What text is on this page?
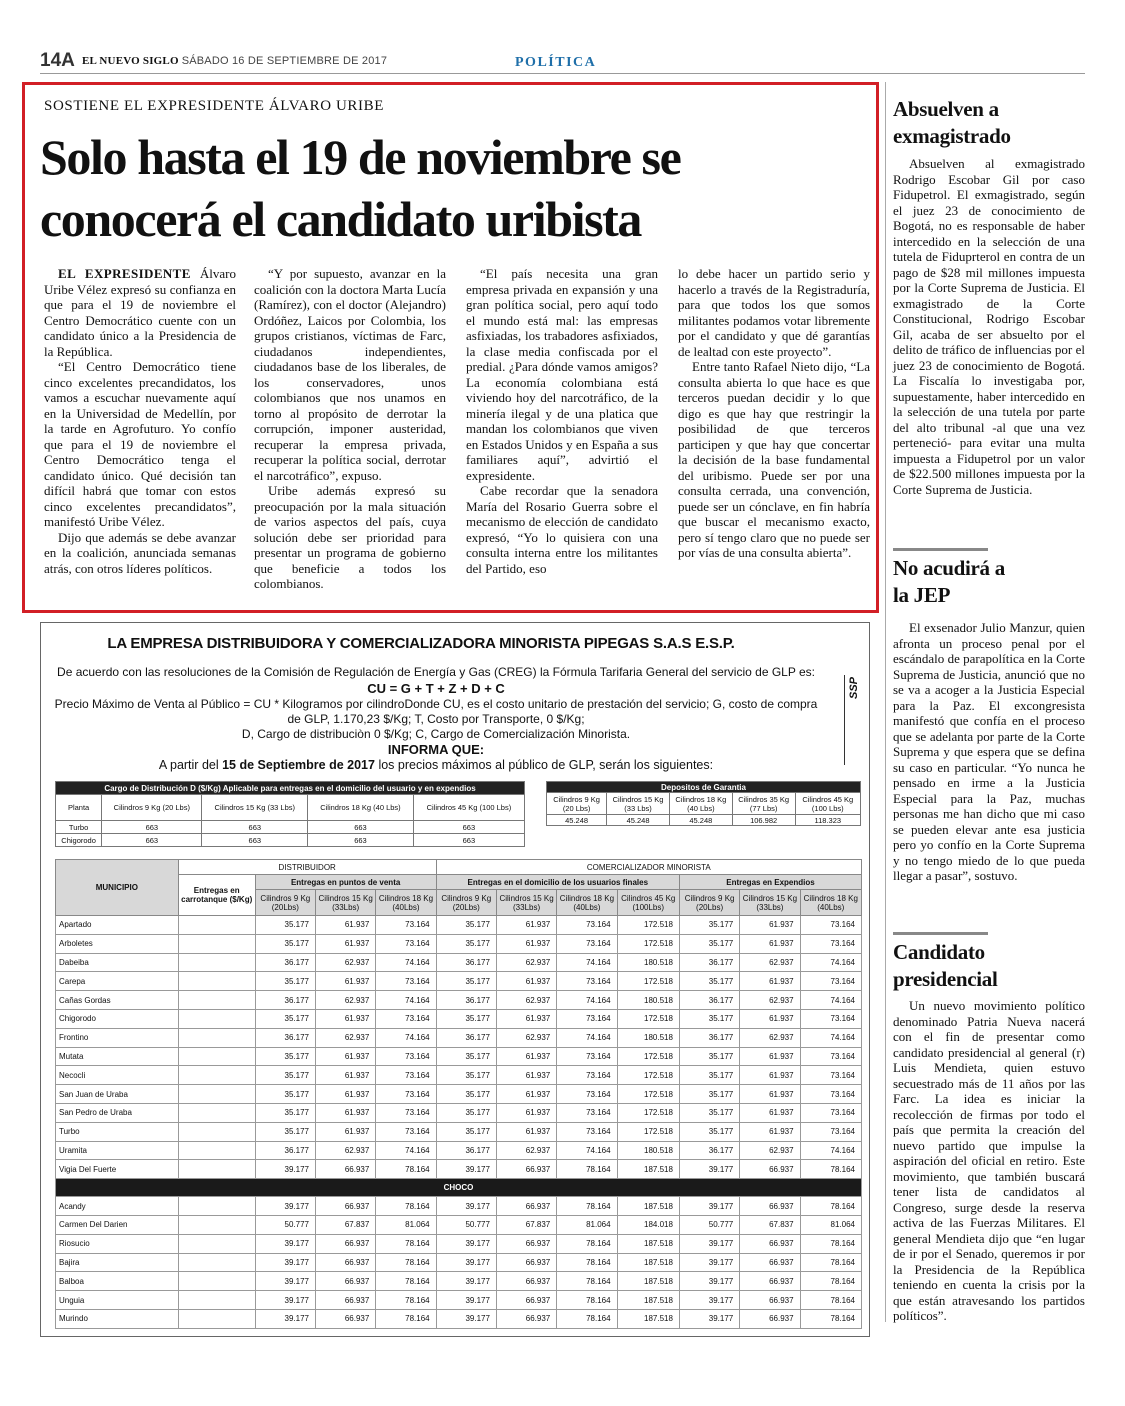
14A EL NUEVO SIGLO SÁBADO 16 DE SEPTIEMBRE DE 2017	POLÍTICA
SOSTIENE EL EXPRESIDENTE ÁLVARO URIBE
Solo hasta el 19 de noviembre se conocerá el candidato uribista

EL EXPRESIDENTE Álvaro Uribe Vélez expresó su confianza en que para el 19 de noviembre el Centro Democrático cuente con un candidato único a la Presidencia de la República.

“El Centro Democrático tiene cinco excelentes precandidatos, los vamos a escuchar nuevamente aquí en la Universidad de Medellín, por la tarde en Agrofuturo. Yo confío que para el 19 de noviembre el Centro Democrático tenga el candidato único. Qué decisión tan difícil habrá que tomar con estos cinco excelentes precandidatos”, manifestó Uribe Vélez.

Dijo que además se debe avanzar en la coalición, anunciada semanas atrás, con otros líderes políticos.

“Y por supuesto, avanzar en la coalición con la doctora Marta Lucía (Ramírez), con el doctor (Alejandro) Ordóñez, Laicos por Colombia, los grupos cristianos, víctimas de Farc, ciudadanos independientes, ciudadanos base de los liberales, de los conservadores, unos colombianos que nos unamos en torno al propósito de derrotar la corrupción, imponer austeridad, recuperar la empresa privada, recuperar la política social, derrotar el narcotráfico”, expuso.

Uribe además expresó su preocupación por la mala situación de varios aspectos del país, cuya solución debe ser prioridad para presentar un programa de gobierno que beneficie a todos los colombianos.

“El país necesita una gran empresa privada en expansión y una gran política social, pero aquí todo el mundo está mal: las empresas asfixiadas, los trabadores asfixiados, la clase media confiscada por el predial. ¿Para dónde vamos amigos? La economía colombiana está viviendo hoy del narcotráfico, de la minería ilegal y de una platica que mandan los colombianos que viven en Estados Unidos y en España a sus familiares aquí”, advirtió el expresidente.

Cabe recordar que la senadora María del Rosario Guerra sobre el mecanismo de elección de candidato expresó, “Yo lo quisiera con una consulta interna entre los militantes del Partido, eso

lo debe hacer un partido serio y hacerlo a través de la Registraduría, para que todos los que somos militantes podamos votar libremente por el candidato y que dé garantías de lealtad con este proyecto”.

Entre tanto Rafael Nieto dijo, “La consulta abierta lo que hace es que terceros puedan decidir y lo que digo es que hay que restringir la posibilidad de que terceros participen y que hay que concertar la decisión de la base fundamental del uribismo. Puede ser por una consulta cerrada, una convención, puede ser un cónclave, en fin habría que buscar el mecanismo exacto, pero sí tengo claro que no puede ser por vías de una consulta abierta”.

Absuelven a exmagistrado

Absuelven al exmagistrado Rodrigo Escobar Gil por caso Fidupetrol. El exmagistrado, según el juez 23 de conocimiento de Bogotá, no es responsable de haber intercedido en la selección de una tutela de Fiduprterol en contra de un pago de $28 mil millones impuesta por la Corte Suprema de Justicia. El exmagistrado de la Corte Constitucional, Rodrigo Escobar Gil, acaba de ser absuelto por el delito de tráfico de influencias por el juez 23 de conocimiento de Bogotá. La Fiscalía lo investigaba por, supuestamente, haber intercedido en la selección de una tutela por parte del alto tribunal -al que una vez perteneció- para evitar una multa impuesta a Fidupetrol por un valor de $22.500 millones impuesta por la Corte Suprema de Justicia.

No acudirá a la JEP

El exsenador Julio Manzur, quien afronta un proceso penal por el escándalo de parapolítica en la Corte Suprema de Justicia, anunció que no se va a acoger a la Justicia Especial para la Paz. El excongresista manifestó que confía en el proceso que se adelanta por parte de la Corte Suprema y que espera que se defina su caso en particular. “Yo nunca he pensado en irme a la Justicia Especial para la Paz, muchas personas me han dicho que mi caso se pueden elevar ante esa justicia pero yo confío en la Corte Suprema y no tengo miedo de lo que pueda llegar a pasar”, sostuvo.

Candidato presidencial

Un nuevo movimiento político denominado Patria Nueva nacerá con el fin de presentar como candidato presidencial al general (r) Luis Mendieta, quien estuvo secuestrado más de 11 años por las Farc. La idea es iniciar la recolección de firmas por todo el país que permita la creación del nuevo partido que impulse la aspiración del oficial en retiro. Este movimiento, que también buscará tener lista de candidatos al Congreso, surge desde la reserva activa de las Fuerzas Militares. El general Mendieta dijo que “en lugar de ir por el Senado, queremos ir por la Presidencia de la República teniendo en cuenta la crisis por la que están atravesando los partidos políticos”.

LA EMPRESA DISTRIBUIDORA Y COMERCIALIZADORA MINORISTA PIPEGAS S.A.S E.S.P.
De acuerdo con las resoluciones de la Comisión de Regulación de Energía y Gas (CREG) la Fórmula Tarifaria General del servicio de GLP es:
CU = G + T + Z + D + C
Precio Máximo de Venta al Público = CU * Kilogramos por cilindroDonde CU, es el costo unitario de prestación del servicio; G, costo de compra
de GLP, 1.170,23 $/Kg; T, Costo por Transporte, 0 $/Kg;
D, Cargo de distribuciòn 0 $/Kg; C, Cargo de Comercialización Minorista.
INFORMA QUE:
A partir del 15 de Septiembre de 2017 los precios máximos al público de GLP, serán los siguientes:
SSP
Cargo de Distribución D ($/Kg) Aplicable para entregas en el domicilio del usuario y en expendios				
Planta	Cilindros 9 Kg (20 Lbs)	Cilindros 15 Kg (33 Lbs)	Cilindros 18 Kg (40 Lbs)	Cilindros 45 Kg (100 Lbs)
Turbo	663	663	663	663
Chigorodo	663	663	663	663
Depositos de Garantia				
Cilindros 9 Kg (20 Lbs)	Cilindros 15 Kg (33 Lbs)	Cilindros 18 Kg (40 Lbs)	Cilindros 35 Kg (77 Lbs)	Cilindros 45 Kg (100 Lbs)
45.248	45.248	45.248	106.982	118.323
MUNICIPIO	DISTRIBUIDOR				COMERCIALIZADOR MINORISTA						
	Entregas en carrotanque ($/Kg)	Entregas en puntos de venta			Entregas en el domicilio de los usuarios finales				Entregas en Expendios		
		Cilindros 9 Kg (20Lbs)	Cilindros 15 Kg (33Lbs)	Cilindros 18 Kg (40Lbs)	Cilindros 9 Kg (20Lbs)	Cilindros 15 Kg (33Lbs)	Cilindros 18 Kg (40Lbs)	Cilindros 45 Kg (100Lbs)	Cilindros 9 Kg (20Lbs)	Cilindros 15 Kg (33Lbs)	Cilindros 18 Kg (40Lbs)
Apartado		35.177	61.937	73.164	35.177	61.937	73.164	172.518	35.177	61.937	73.164
Arboletes		35.177	61.937	73.164	35.177	61.937	73.164	172.518	35.177	61.937	73.164
Dabeiba		36.177	62.937	74.164	36.177	62.937	74.164	180.518	36.177	62.937	74.164
Carepa		35.177	61.937	73.164	35.177	61.937	73.164	172.518	35.177	61.937	73.164
Cañas Gordas		36.177	62.937	74.164	36.177	62.937	74.164	180.518	36.177	62.937	74.164
Chigorodo		35.177	61.937	73.164	35.177	61.937	73.164	172.518	35.177	61.937	73.164
Frontino		36.177	62.937	74.164	36.177	62.937	74.164	180.518	36.177	62.937	74.164
Mutata		35.177	61.937	73.164	35.177	61.937	73.164	172.518	35.177	61.937	73.164
Necocli		35.177	61.937	73.164	35.177	61.937	73.164	172.518	35.177	61.937	73.164
San Juan de Uraba		35.177	61.937	73.164	35.177	61.937	73.164	172.518	35.177	61.937	73.164
San Pedro de Uraba		35.177	61.937	73.164	35.177	61.937	73.164	172.518	35.177	61.937	73.164
Turbo		35.177	61.937	73.164	35.177	61.937	73.164	172.518	35.177	61.937	73.164
Uramita		36.177	62.937	74.164	36.177	62.937	74.164	180.518	36.177	62.937	74.164
Vigia Del Fuerte		39.177	66.937	78.164	39.177	66.937	78.164	187.518	39.177	66.937	78.164
CHOCO											
Acandy		39.177	66.937	78.164	39.177	66.937	78.164	187.518	39.177	66.937	78.164
Carmen Del Darien		50.777	67.837	81.064	50.777	67.837	81.064	184.018	50.777	67.837	81.064
Riosucio		39.177	66.937	78.164	39.177	66.937	78.164	187.518	39.177	66.937	78.164
Bajira		39.177	66.937	78.164	39.177	66.937	78.164	187.518	39.177	66.937	78.164
Balboa		39.177	66.937	78.164	39.177	66.937	78.164	187.518	39.177	66.937	78.164
Unguia		39.177	66.937	78.164	39.177	66.937	78.164	187.518	39.177	66.937	78.164
Murindo		39.177	66.937	78.164	39.177	66.937	78.164	187.518	39.177	66.937	78.164
